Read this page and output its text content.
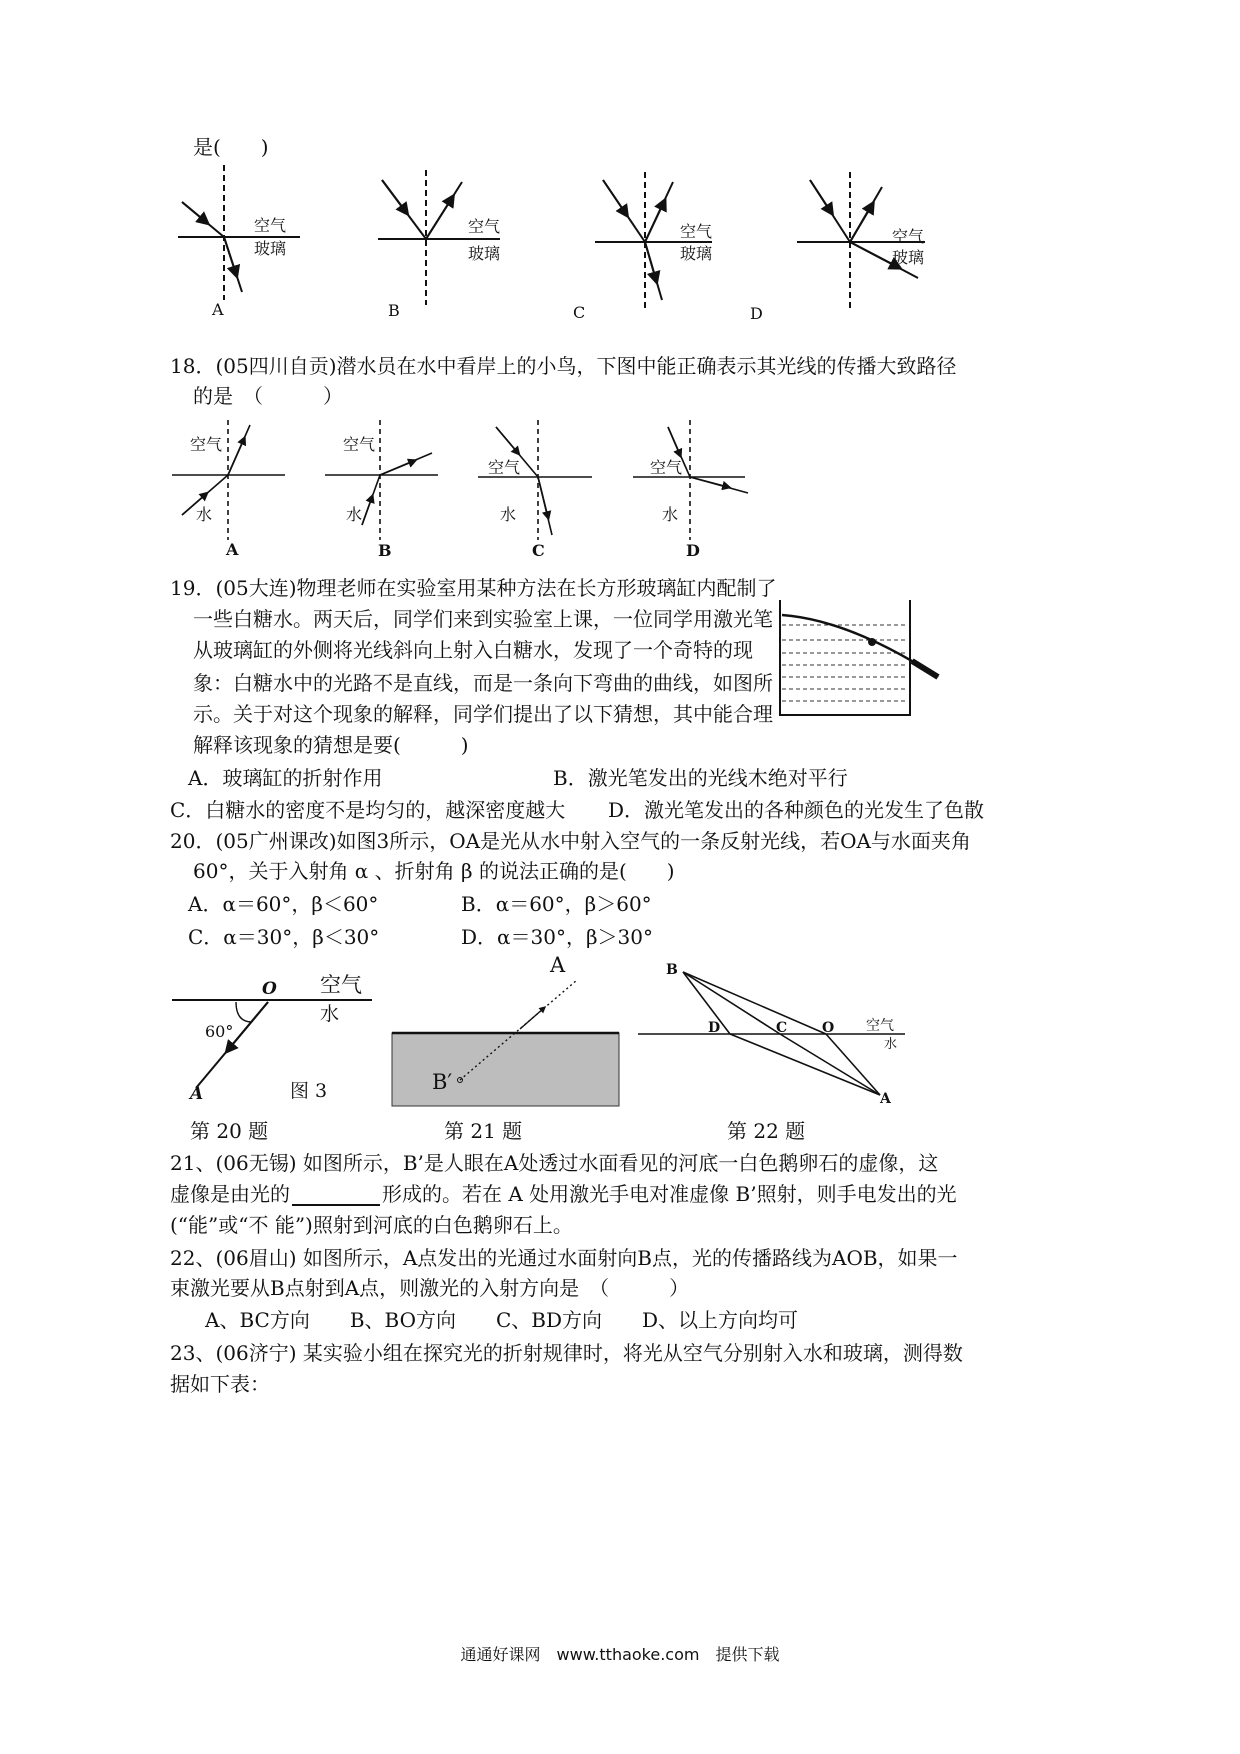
是(　　)
空气
玻璃
空气
玻璃
空气
玻璃
空气
玻璃
A	B	C	D
18．(05四川自贡)潜水员在水中看岸上的小鸟，下图中能正确表示其光线的传播大致路径
的是　（　　　）
空气
水
空气
水
空气
水
空气
水
A	B	C	D
19．(05大连)物理老师在实验室用某种方法在长方形玻璃缸内配制了
一些白糖水。两天后，同学们来到实验室上课，一位同学用激光笔
从玻璃缸的外侧将光线斜向上射入白糖水，发现了一个奇特的现
象：白糖水中的光路不是直线，而是一条向下弯曲的曲线，如图所
示。关于对这个现象的解释，同学们提出了以下猜想，其中能合理
解释该现象的猜想是要(　　　)
A．玻璃缸的折射作用	B．激光笔发出的光线木绝对平行
C．白糖水的密度不是均匀的，越深密度越大 D．激光笔发出的各种颜色的光发生了色散
20．(05广州课改)如图3所示，OA是光从水中射入空气的一条反射光线，若OA与水面夹角
60°，关于入射角 α 、折射角 β 的说法正确的是(　　)
A．α＝60°，β＜60°	B．α＝60°，β＞60°
C．α＝30°，β＜30°	D．α＝30°，β＞30°
O 空气
水
60°
A	图 3
A
B′
B
D	C O 空气
水
A
第 20 题	第 21 题	第 22 题
21、(06无锡) 如图所示，B’是人眼在A处透过水面看见的河底一白色鹅卵石的虚像，这
虚像是由光的	形成的。若在 A 处用激光手电对准虚像 B’照射，则手电发出的光
(“能”或“不 能”)照射到河底的白色鹅卵石上。
22、(06眉山) 如图所示，A点发出的光通过水面射向B点，光的传播路线为AOB，如果一
束激光要从B点射到A点，则激光的入射方向是　（　　　）
A、BC方向　　B、BO方向　　C、BD方向　　D、以上方向均可
23、(06济宁) 某实验小组在探究光的折射规律时，将光从空气分别射入水和玻璃，测得数
据如下表：
通通好课网　www.tthaoke.com　提供下载
